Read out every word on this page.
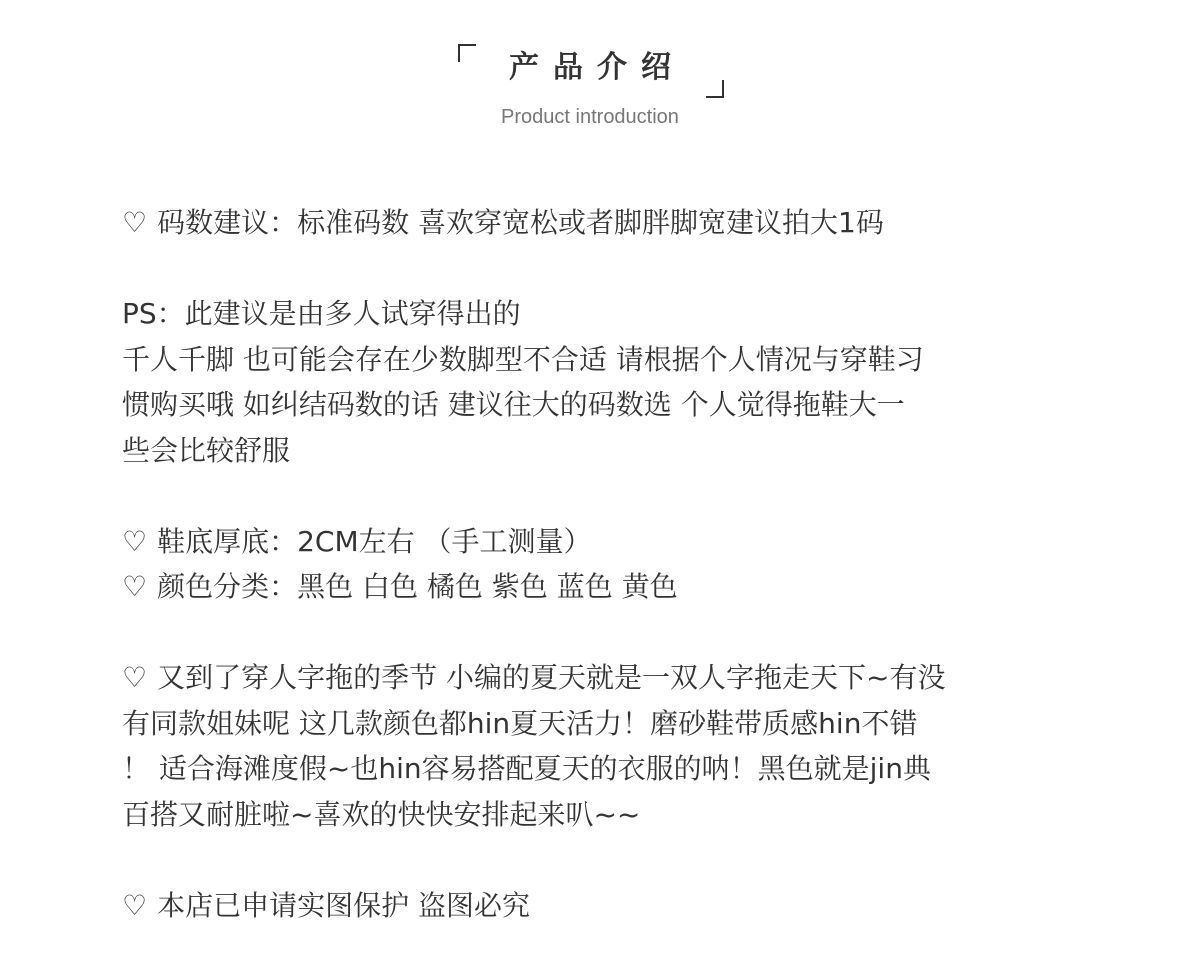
产品介绍
Product introduction
♡ 码数建议：标准码数 喜欢穿宽松或者脚胖脚宽建议拍大1码
PS：此建议是由多人试穿得出的
千人千脚 也可能会存在少数脚型不合适 请根据个人情况与穿鞋习
惯购买哦 如纠结码数的话 建议往大的码数选 个人觉得拖鞋大一
些会比较舒服
♡ 鞋底厚底：2CM左右 （手工测量）
♡ 颜色分类：黑色 白色 橘色 紫色 蓝色 黄色
♡ 又到了穿人字拖的季节 小编的夏天就是一双人字拖走天下~有没
有同款姐妹呢 这几款颜色都hin夏天活力！磨砂鞋带质感hin不错
！ 适合海滩度假~也hin容易搭配夏天的衣服的呐！黑色就是jin典
百搭又耐脏啦~喜欢的快快安排起来叭~~
♡ 本店已申请实图保护 盗图必究
